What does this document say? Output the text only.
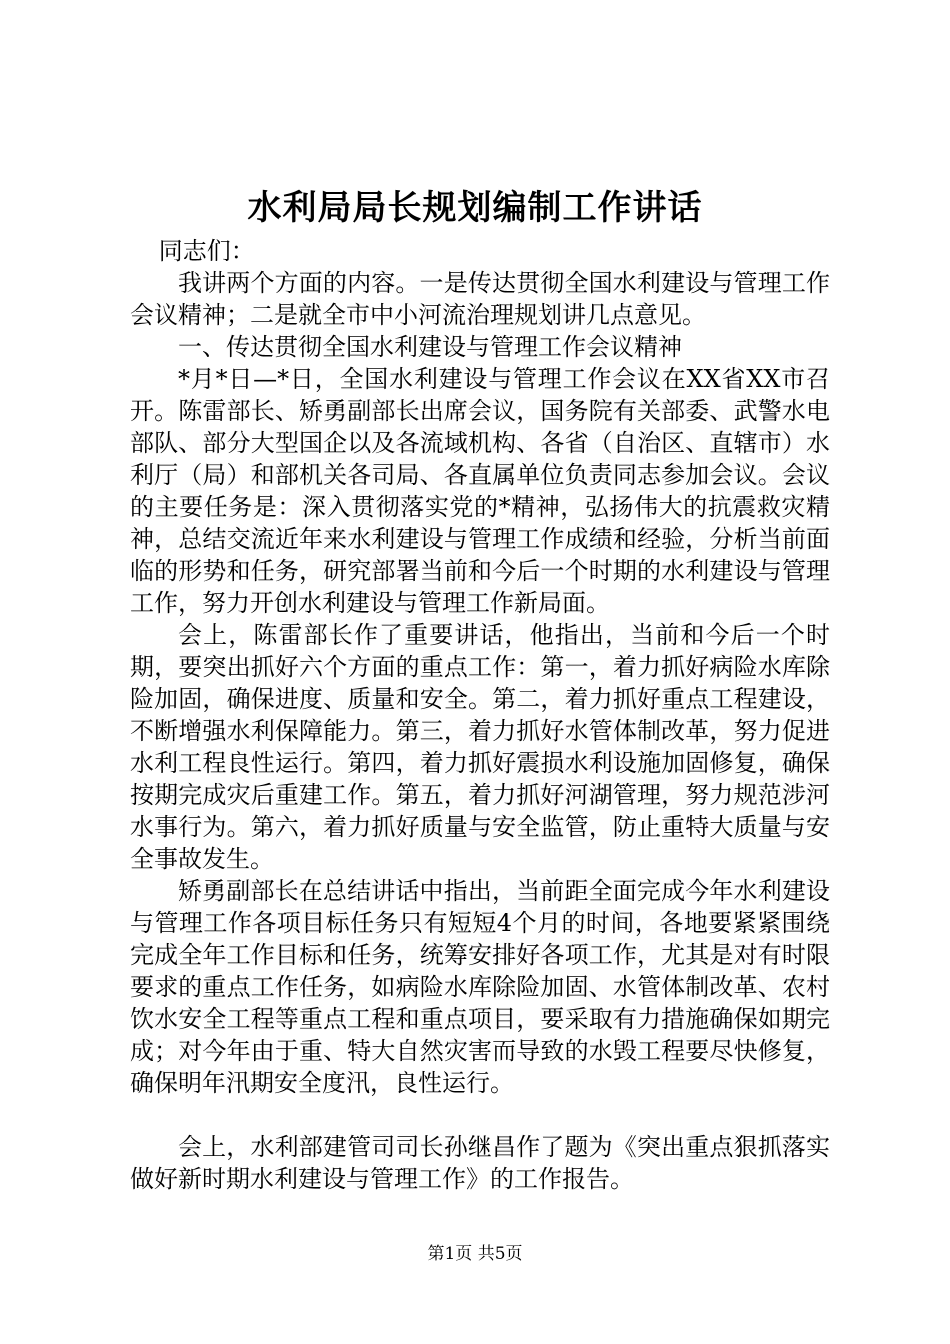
水利局局长规划编制工作讲话

同志们：

我讲两个方面的内容。一是传达贯彻全国水利建设与管理工作会议精神；二是就全市中小河流治理规划讲几点意见。

一、传达贯彻全国水利建设与管理工作会议精神

*月*日—*日，全国水利建设与管理工作会议在XX省XX市召开。陈雷部长、矫勇副部长出席会议，国务院有关部委、武警水电部队、部分大型国企以及各流域机构、各省（自治区、直辖市）水利厅（局）和部机关各司局、各直属单位负责同志参加会议。会议的主要任务是：深入贯彻落实党的*精神，弘扬伟大的抗震救灾精神，总结交流近年来水利建设与管理工作成绩和经验，分析当前面临的形势和任务，研究部署当前和今后一个时期的水利建设与管理工作，努力开创水利建设与管理工作新局面。

会上，陈雷部长作了重要讲话，他指出，当前和今后一个时期，要突出抓好六个方面的重点工作：第一，着力抓好病险水库除险加固，确保进度、质量和安全。第二，着力抓好重点工程建设，不断增强水利保障能力。第三，着力抓好水管体制改革，努力促进水利工程良性运行。第四，着力抓好震损水利设施加固修复，确保按期完成灾后重建工作。第五，着力抓好河湖管理，努力规范涉河水事行为。第六，着力抓好质量与安全监管，防止重特大质量与安全事故发生。

矫勇副部长在总结讲话中指出，当前距全面完成今年水利建设与管理工作各项目标任务只有短短4个月的时间，各地要紧紧围绕完成全年工作目标和任务，统筹安排好各项工作，尤其是对有时限要求的重点工作任务，如病险水库除险加固、水管体制改革、农村饮水安全工程等重点工程和重点项目，要采取有力措施确保如期完成；对今年由于重、特大自然灾害而导致的水毁工程要尽快修复，确保明年汛期安全度汛，良性运行。

会上，水利部建管司司长孙继昌作了题为《突出重点狠抓落实做好新时期水利建设与管理工作》的工作报告。

第1页 共5页
